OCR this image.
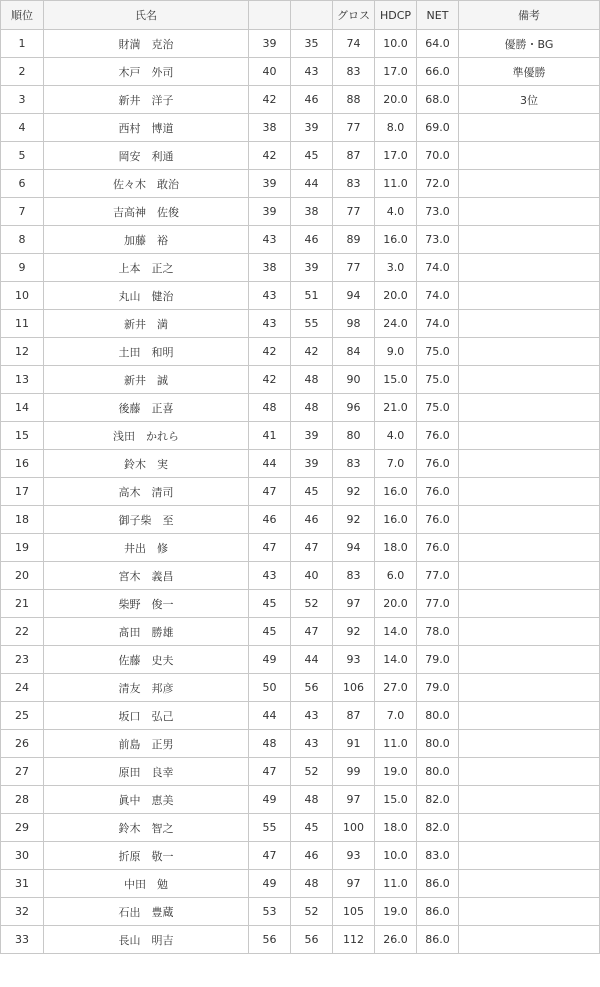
順位	氏名			グロス	HDCP	NET	備考
1	財満　克治	39	35	74	10.0	64.0	優勝・BG
2	木戸　外司	40	43	83	17.0	66.0	準優勝
3	新井　洋子	42	46	88	20.0	68.0	3位
4	西村　博道	38	39	77	8.0	69.0	
5	岡安　利通	42	45	87	17.0	70.0	
6	佐々木　敢治	39	44	83	11.0	72.0	
7	吉高神　佐俊	39	38	77	4.0	73.0	
8	加藤　裕	43	46	89	16.0	73.0	
9	上本　正之	38	39	77	3.0	74.0	
10	丸山　健治	43	51	94	20.0	74.0	
11	新井　満	43	55	98	24.0	74.0	
12	土田　和明	42	42	84	9.0	75.0	
13	新井　誠	42	48	90	15.0	75.0	
14	後藤　正喜	48	48	96	21.0	75.0	
15	浅田　かれら	41	39	80	4.0	76.0	
16	鈴木　実	44	39	83	7.0	76.0	
17	高木　清司	47	45	92	16.0	76.0	
18	御子柴　至	46	46	92	16.0	76.0	
19	井出　修	47	47	94	18.0	76.0	
20	宮木　義昌	43	40	83	6.0	77.0	
21	柴野　俊一	45	52	97	20.0	77.0	
22	髙田　勝雄	45	47	92	14.0	78.0	
23	佐藤　史夫	49	44	93	14.0	79.0	
24	清友　邦彦	50	56	106	27.0	79.0	
25	坂口　弘己	44	43	87	7.0	80.0	
26	前島　正男	48	43	91	11.0	80.0	
27	原田　良幸	47	52	99	19.0	80.0	
28	眞中　恵美	49	48	97	15.0	82.0	
29	鈴木　智之	55	45	100	18.0	82.0	
30	折原　敬一	47	46	93	10.0	83.0	
31	中田　勉	49	48	97	11.0	86.0	
32	石出　豊蔵	53	52	105	19.0	86.0	
33	長山　明吉	56	56	112	26.0	86.0	
